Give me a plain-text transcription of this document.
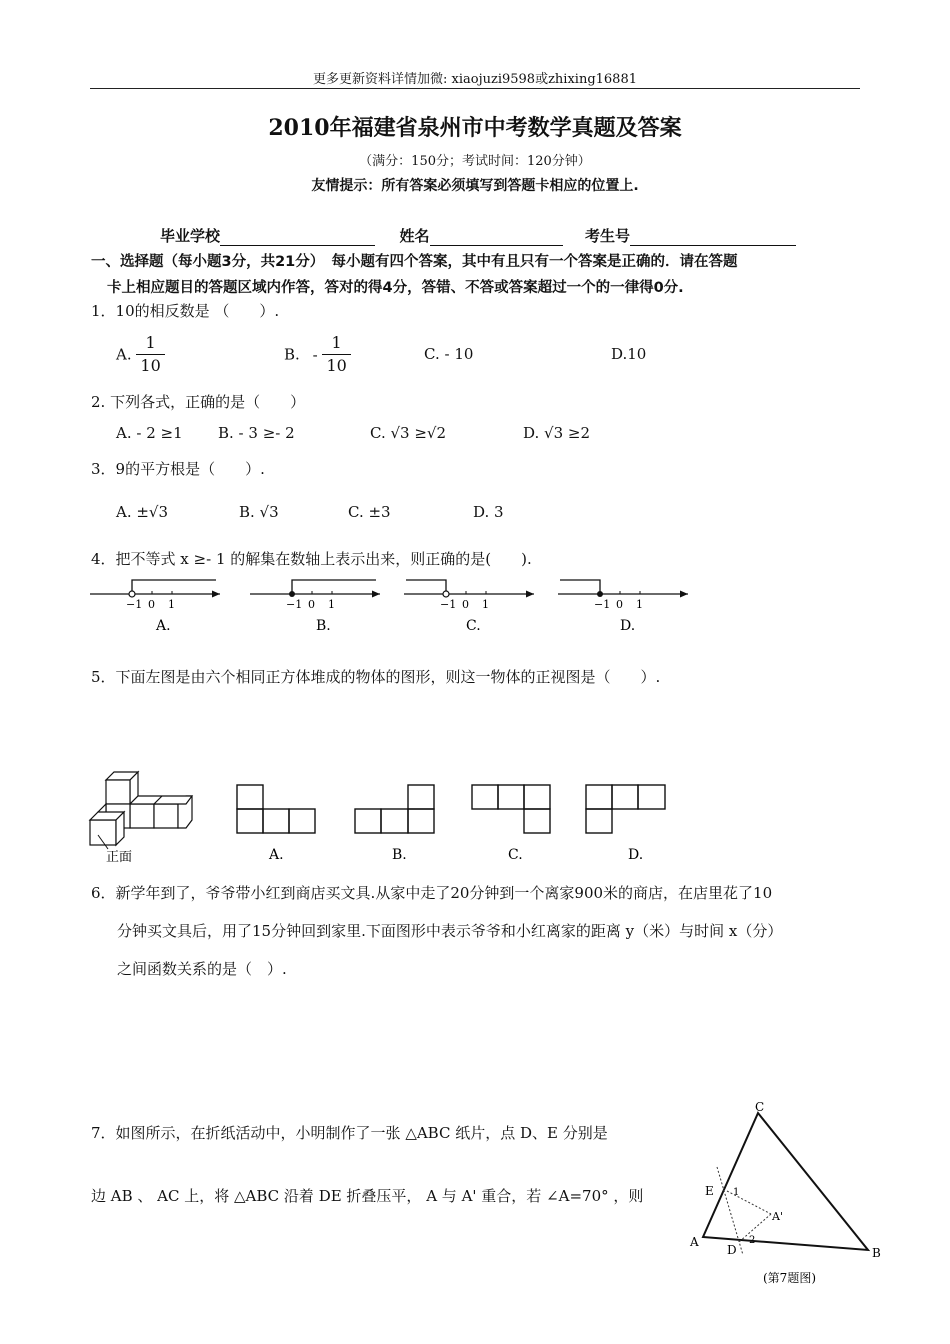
更多更新资料详情加微: xiaojuzi9598或zhixing16881
2010年福建省泉州市中考数学真题及答案
（满分：150分；考试时间：120分钟）
友情提示：所有答案必须填写到答题卡相应的位置上.
毕业学校	姓名	考生号
一、选择题（每小题3分，共21分）　每小题有四个答案，其中有且只有一个答案是正确的．请在答题
卡上相应题目的答题区域内作答，答对的得4分，答错、不答或答案超过一个的一律得0分.
1．10的相反数是 （　　）.
A. $\frac{1}{10}$	B. - $\frac{1}{10}$	C. - 10	D.10
2. 下列各式，正确的是（　　）
A. - 2 ≥1 B. - 3 ≥- 2	C. √3 ≥√2	D. √3 ≥2
3．9的平方根是（　　）.
A. ±√3	B. √3	C. ±3	D. 3
4．把不等式 x ≥- 1 的解集在数轴上表示出来，则正确的是(　　).
−1 0 1
A.
−1 0 1
B.
−1 0 1
C.
−1 0 1
D.
5．下面左图是由六个相同正方体堆成的物体的图形，则这一物体的正视图是（　　）.
正面	A.	B.	C.	D.
6．新学年到了，爷爷带小红到商店买文具.从家中走了20分钟到一个离家900米的商店，在店里花了10
分钟买文具后，用了15分钟回到家里.下面图形中表示爷爷和小红离家的距离 y（米）与时间 x（分）
之间函数关系的是（　）.
7．如图所示，在折纸活动中，小明制作了一张 △ABC 纸片，点 D、E 分别是
边 AB 、 AC 上，将 △ABC 沿着 DE 折叠压平， A 与 A' 重合，若 ∠A=70° ，则
C
A
B
E
D
A'
1
2
(第7题图)
